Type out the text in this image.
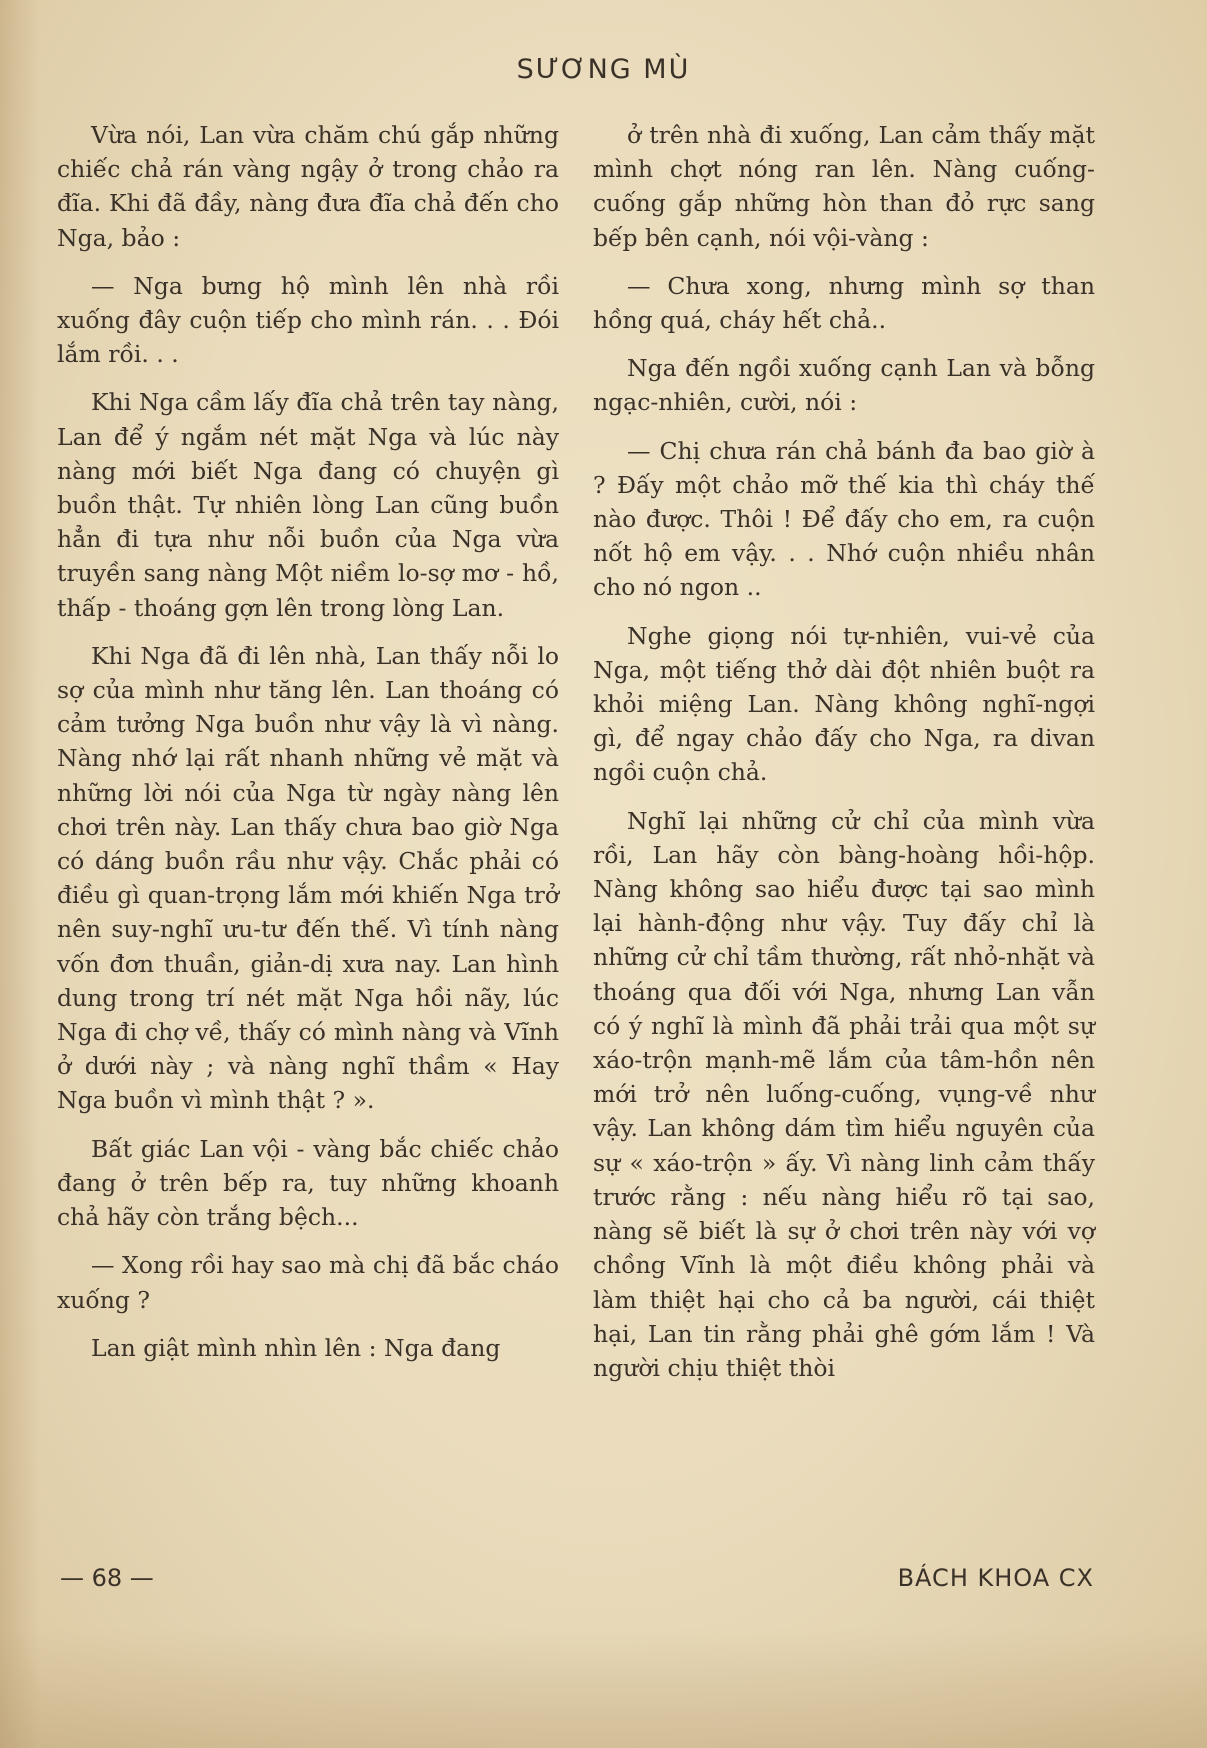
SƯƠNG MÙ

Vừa nói, Lan vừa chăm chú gắp những chiếc chả rán vàng ngậy ở trong chảo ra đĩa. Khi đã đầy, nàng đưa đĩa chả đến cho Nga, bảo :

— Nga bưng hộ mình lên nhà rồi xuống đây cuộn tiếp cho mình rán. . . Đói lắm rồi. . .

Khi Nga cầm lấy đĩa chả trên tay nàng, Lan để ý ngắm nét mặt Nga và lúc này nàng mới biết Nga đang có chuyện gì buồn thật. Tự nhiên lòng Lan cũng buồn hẳn đi tựa như nỗi buồn của Nga vừa truyền sang nàng Một niềm lo-sợ mơ - hồ, thấp - thoáng gợn lên trong lòng Lan.

Khi Nga đã đi lên nhà, Lan thấy nỗi lo sợ của mình như tăng lên. Lan thoáng có cảm tưởng Nga buồn như vậy là vì nàng. Nàng nhớ lại rất nhanh những vẻ mặt và những lời nói của Nga từ ngày nàng lên chơi trên này. Lan thấy chưa bao giờ Nga có dáng buồn rầu như vậy. Chắc phải có điều gì quan-trọng lắm mới khiến Nga trở nên suy-nghĩ ưu-tư đến thế. Vì tính nàng vốn đơn thuần, giản-dị xưa nay. Lan hình dung trong trí nét mặt Nga hồi nãy, lúc Nga đi chợ về, thấy có mình nàng và Vĩnh ở dưới này ; và nàng nghĩ thầm « Hay Nga buồn vì mình thật ? ».

Bất giác Lan vội - vàng bắc chiếc chảo đang ở trên bếp ra, tuy những khoanh chả hãy còn trắng bệch...

— Xong rồi hay sao mà chị đã bắc cháo xuống ?

Lan giật mình nhìn lên : Nga đang

ở trên nhà đi xuống, Lan cảm thấy mặt mình chợt nóng ran lên. Nàng cuống-cuống gắp những hòn than đỏ rực sang bếp bên cạnh, nói vội-vàng :

— Chưa xong, nhưng mình sợ than hồng quá, cháy hết chả..

Nga đến ngồi xuống cạnh Lan và bỗng ngạc-nhiên, cười, nói :

— Chị chưa rán chả bánh đa bao giờ à ? Đấy một chảo mỡ thế kia thì cháy thế nào được. Thôi ! Để đấy cho em, ra cuộn nốt hộ em vậy. . . Nhớ cuộn nhiều nhân cho nó ngon ..

Nghe giọng nói tự-nhiên, vui-vẻ của Nga, một tiếng thở dài đột nhiên buột ra khỏi miệng Lan. Nàng không nghĩ-ngợi gì, để ngay chảo đấy cho Nga, ra divan ngồi cuộn chả.

Nghĩ lại những cử chỉ của mình vừa rồi, Lan hãy còn bàng-hoàng hồi-hộp. Nàng không sao hiểu được tại sao mình lại hành-động như vậy. Tuy đấy chỉ là những cử chỉ tầm thường, rất nhỏ-nhặt và thoáng qua đối với Nga, nhưng Lan vẫn có ý nghĩ là mình đã phải trải qua một sự xáo-trộn mạnh-mẽ lắm của tâm-hồn nên mới trở nên luống-cuống, vụng-về như vậy. Lan không dám tìm hiểu nguyên của sự « xáo-trộn » ấy. Vì nàng linh cảm thấy trước rằng : nếu nàng hiểu rõ tại sao, nàng sẽ biết là sự ở chơi trên này với vợ chồng Vĩnh là một điều không phải và làm thiệt hại cho cả ba người, cái thiệt hại, Lan tin rằng phải ghê gớm lắm ! Và người chịu thiệt thòi

— 68 —	BÁCH KHOA CX
